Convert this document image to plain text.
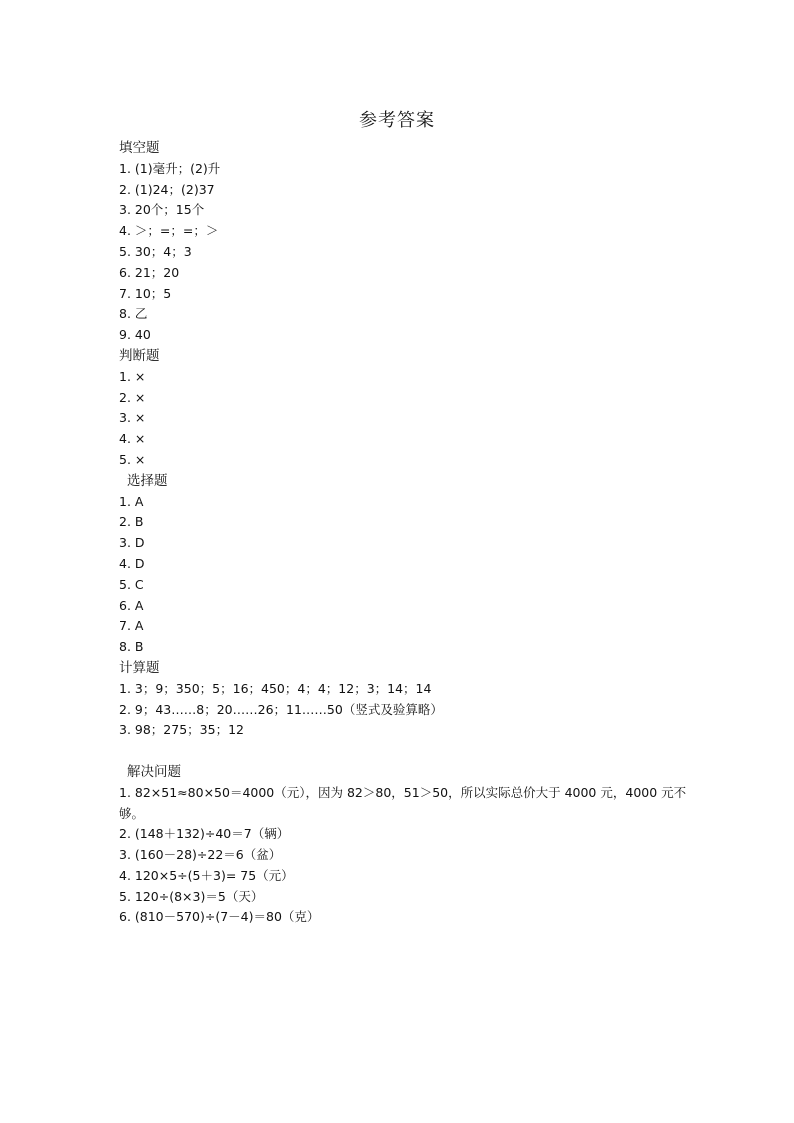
参考答案
填空题
1. (1)毫升；(2)升
2. (1)24；(2)37
3. 20个；15个
4. ＞；=；=；＞
5. 30；4；3
6. 21；20
7. 10；5
8. 乙
9. 40
判断题
1. ×
2. ×
3. ×
4. ×
5. ×
选择题
1. A
2. B
3. D
4. D
5. C
6. A
7. A
8. B
计算题
1. 3；9；350；5；16；450；4；4；12；3；14；14
2. 9；43……8；20……26；11……50（竖式及验算略）
3. 98；275；35；12
解决问题
1. 82×51≈80×50＝4000（元），因为 82＞80，51＞50，所以实际总价大于 4000 元，4000 元不够。
2. (148＋132)÷40＝7（辆）
3. (160－28)÷22＝6（盆）
4. 120×5÷(5＋3)= 75（元）
5. 120÷(8×3)＝5（天）
6. (810－570)÷(7－4)＝80（克）
